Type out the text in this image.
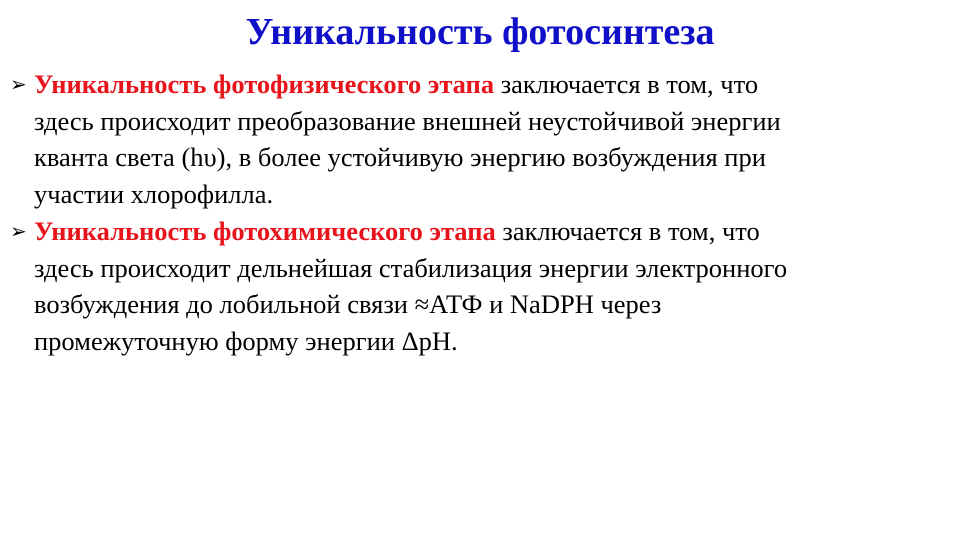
Уникальность фотосинтеза
➢ Уникальность фотофизического этапа заключается в том, что
здесь происходит преобразование внешней неустойчивой энергии
кванта света (hυ), в более устойчивую энергию возбуждения при
участии хлорофилла.
➢ Уникальность фотохимического этапа заключается в том, что
здесь происходит дельнейшая стабилизация энергии электронного
возбуждения до лобильной связи ≈АТФ и NaDPH через
промежуточную форму энергии ΔpH.
